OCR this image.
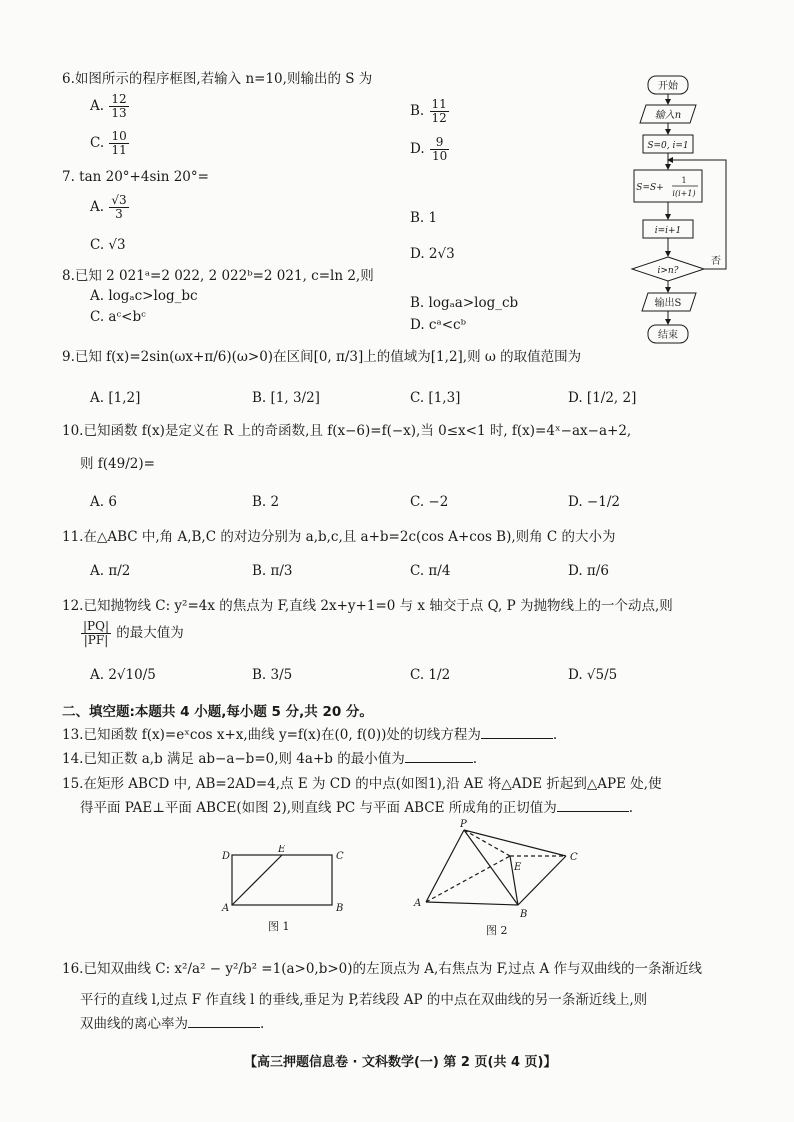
6.如图所示的程序框图,若输入 n=10,则输出的 S 为
A. $\frac{12}{13}$	B. $\frac{11}{12}$
C. $\frac{10}{11}$	D. $\frac{9}{10}$
开始
输入n
S=0, i=1
S=S+
1
i(i+1)
i=i+1
i>n?
否
输出S
结束
7. tan 20°+4sin 20°=
A. $\frac{√3}{3}$	B. 1
C. √3
D. 2√3
8.已知 2 021ᵃ=2 022, 2 022ᵇ=2 021, c=ln 2,则
A. logₐc>log_bc	B. logₐa>log_cb
C. aᶜ<bᶜ	D. cᵃ<cᵇ
9.已知 f(x)=2sin(ωx+π/6)(ω>0)在区间[0, π/3]上的值域为[1,2],则 ω 的取值范围为
A. [1,2]	B. [1, 3/2]	C. [1,3]	D. [1/2, 2]
10.已知函数 f(x)是定义在 R 上的奇函数,且 f(x−6)=f(−x),当 0≤x<1 时, f(x)=4ˣ−ax−a+2,
则 f(49/2)=
A. 6	B. 2	C. −2	D. −1/2
11.在△ABC 中,角 A,B,C 的对边分别为 a,b,c,且 a+b=2c(cos A+cos B),则角 C 的大小为
A. π/2	B. π/3	C. π/4	D. π/6
12.已知抛物线 C: y²=4x 的焦点为 F,直线 2x+y+1=0 与 x 轴交于点 Q, P 为抛物线上的一个动点,则
$\frac{|PQ|}{|PF|}$ 的最大值为
A. 2√10/5	B. 3/5	C. 1/2	D. √5/5
二、填空题:本题共 4 小题,每小题 5 分,共 20 分。
13.已知函数 f(x)=eˣcos x+x,曲线 y=f(x)在(0, f(0))处的切线方程为	.
14.已知正数 a,b 满足 ab−a−b=0,则 4a+b 的最小值为	.
15.在矩形 ABCD 中, AB=2AD=4,点 E 为 CD 的中点(如图1),沿 AE 将△ADE 折起到△APE 处,使
得平面 PAE⊥平面 ABCE(如图 2),则直线 PC 与平面 ABCE 所成角的正切值为	.
D
E
C
A	B
图 1
P
C
E
A
B
图 2
16.已知双曲线 C: x²/a² − y²/b² =1(a>0,b>0)的左顶点为 A,右焦点为 F,过点 A 作与双曲线的一条渐近线
平行的直线 l,过点 F 作直线 l 的垂线,垂足为 P,若线段 AP 的中点在双曲线的另一条渐近线上,则
双曲线的离心率为	.
【高三押题信息卷 · 文科数学(一) 第 2 页(共 4 页)】
